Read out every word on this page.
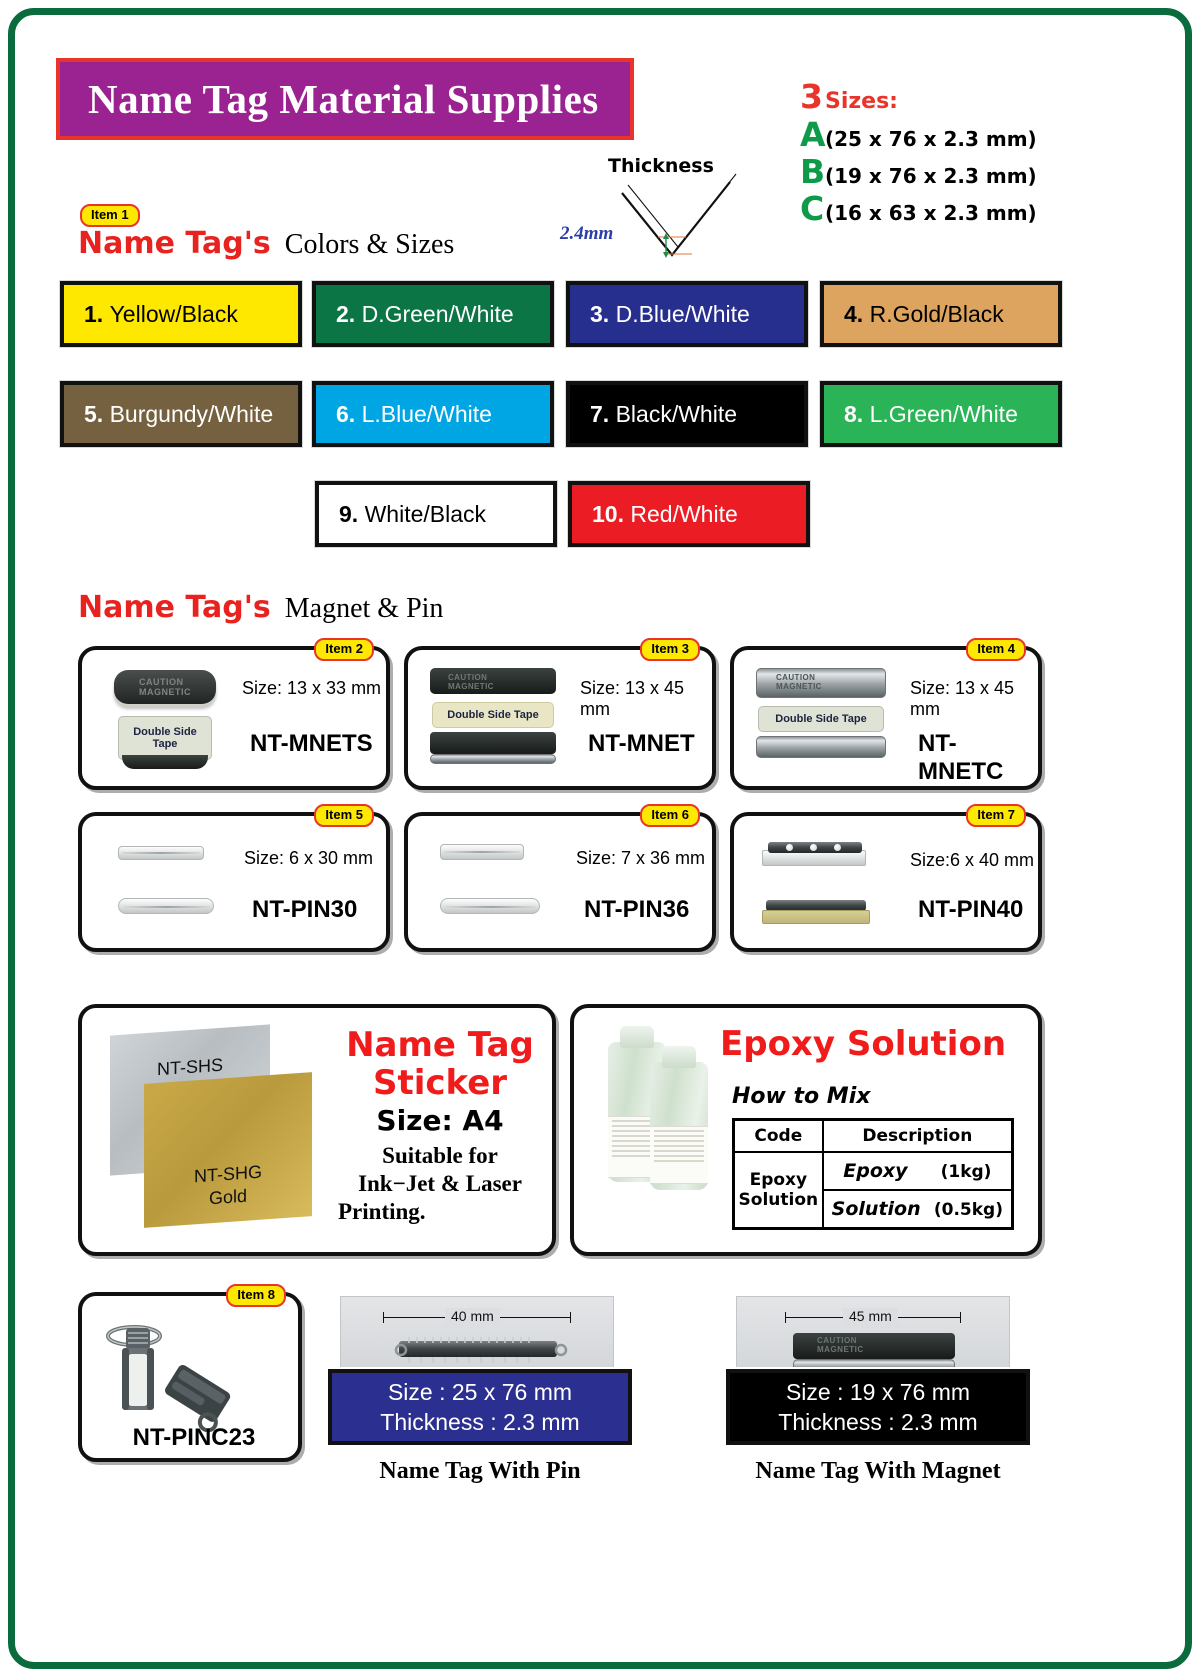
Name Tag Material Supplies	3 Sizes:
A (25 x 76 x 2.3 mm)
B (19 x 76 x 2.3 mm)
C (16 x 63 x 2.3 mm)
Thickness
2.4mm
Item 1
Name Tag's Colors & Sizes
1. Yellow/Black	2. D.Green/White	3. D.Blue/White	4. R.Gold/Black
5. Burgundy/White	6. L.Blue/White	7. Black/White	8. L.Green/White
9. White/Black	10. Red/White
Name Tag's Magnet & Pin
Item 2
CAUTION
MAGNETIC
Double Side
Tape
Size: 13 x 33 mm
NT-MNETS
Item 3
CAUTION
MAGNETIC
Double Side Tape
Size: 13 x 45 mm
NT-MNET
Item 4
CAUTION
MAGNETIC
Double Side Tape
Size: 13 x 45 mm
NT-MNETC
Item 5
Size: 6 x 30 mm
NT-PIN30
Item 6
Size: 7 x 36 mm
NT-PIN36
Item 7
Size:6 x 40 mm
NT-PIN40
NT-SHS

NT-SHG
Gold
Name Tag
Sticker
Size: A4
Suitable for
Ink−Jet & Laser

Printing.
Epoxy Solution
How to Mix
Code	Description
Epoxy
Solution	Epoxy (1kg)
	Solution (0.5kg)
Item 8
NT-PINC23
40 mm
Size : 25 x 76 mm
Thickness : 2.3 mm
Name Tag With Pin
45 mm
CAUTION
MAGNETIC
Size : 19 x 76 mm
Thickness : 2.3 mm
Name Tag With Magnet
